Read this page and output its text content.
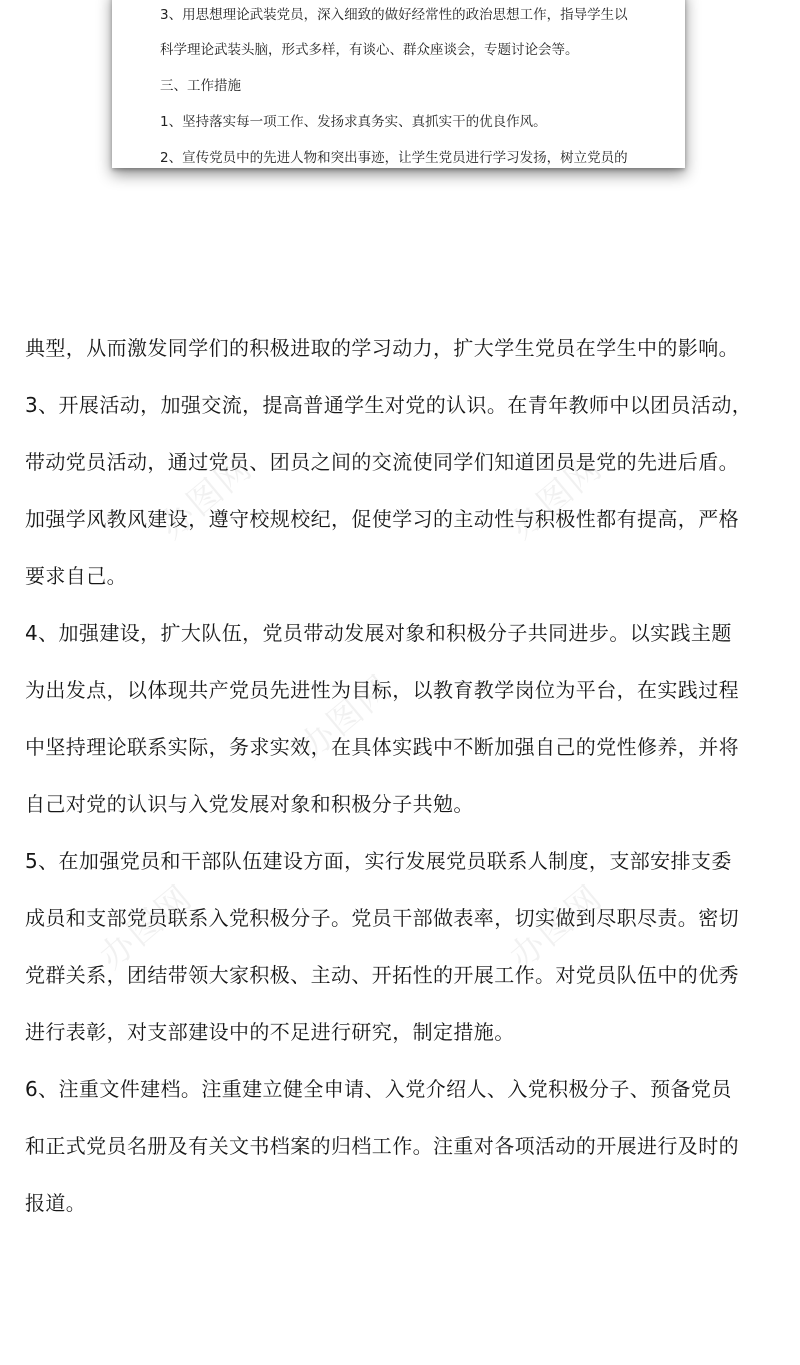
3、用思想理论武装党员，深入细致的做好经常性的政治思想工作，指导学生以
科学理论武装头脑，形式多样，有谈心、群众座谈会，专题讨论会等。
三、工作措施
1、坚持落实每一项工作、发扬求真务实、真抓实干的优良作风。
2、宣传党员中的先进人物和突出事迹，让学生党员进行学习发扬，树立党员的
办图网	办图网
办图网
办图网	办图网

典型，从而激发同学们的积极进取的学习动力，扩大学生党员在学生中的影响。

3、开展活动，加强交流，提高普通学生对党的认识。在青年教师中以团员活动，

带动党员活动，通过党员、团员之间的交流使同学们知道团员是党的先进后盾。

加强学风教风建设，遵守校规校纪，促使学习的主动性与积极性都有提高，严格

要求自己。

4、加强建设，扩大队伍，党员带动发展对象和积极分子共同进步。以实践主题

为出发点，以体现共产党员先进性为目标，以教育教学岗位为平台，在实践过程

中坚持理论联系实际，务求实效，在具体实践中不断加强自己的党性修养，并将

自己对党的认识与入党发展对象和积极分子共勉。

5、在加强党员和干部队伍建设方面，实行发展党员联系人制度，支部安排支委

成员和支部党员联系入党积极分子。党员干部做表率，切实做到尽职尽责。密切

党群关系，团结带领大家积极、主动、开拓性的开展工作。对党员队伍中的优秀

进行表彰，对支部建设中的不足进行研究，制定措施。

6、注重文件建档。注重建立健全申请、入党介绍人、入党积极分子、预备党员

和正式党员名册及有关文书档案的归档工作。注重对各项活动的开展进行及时的

报道。
